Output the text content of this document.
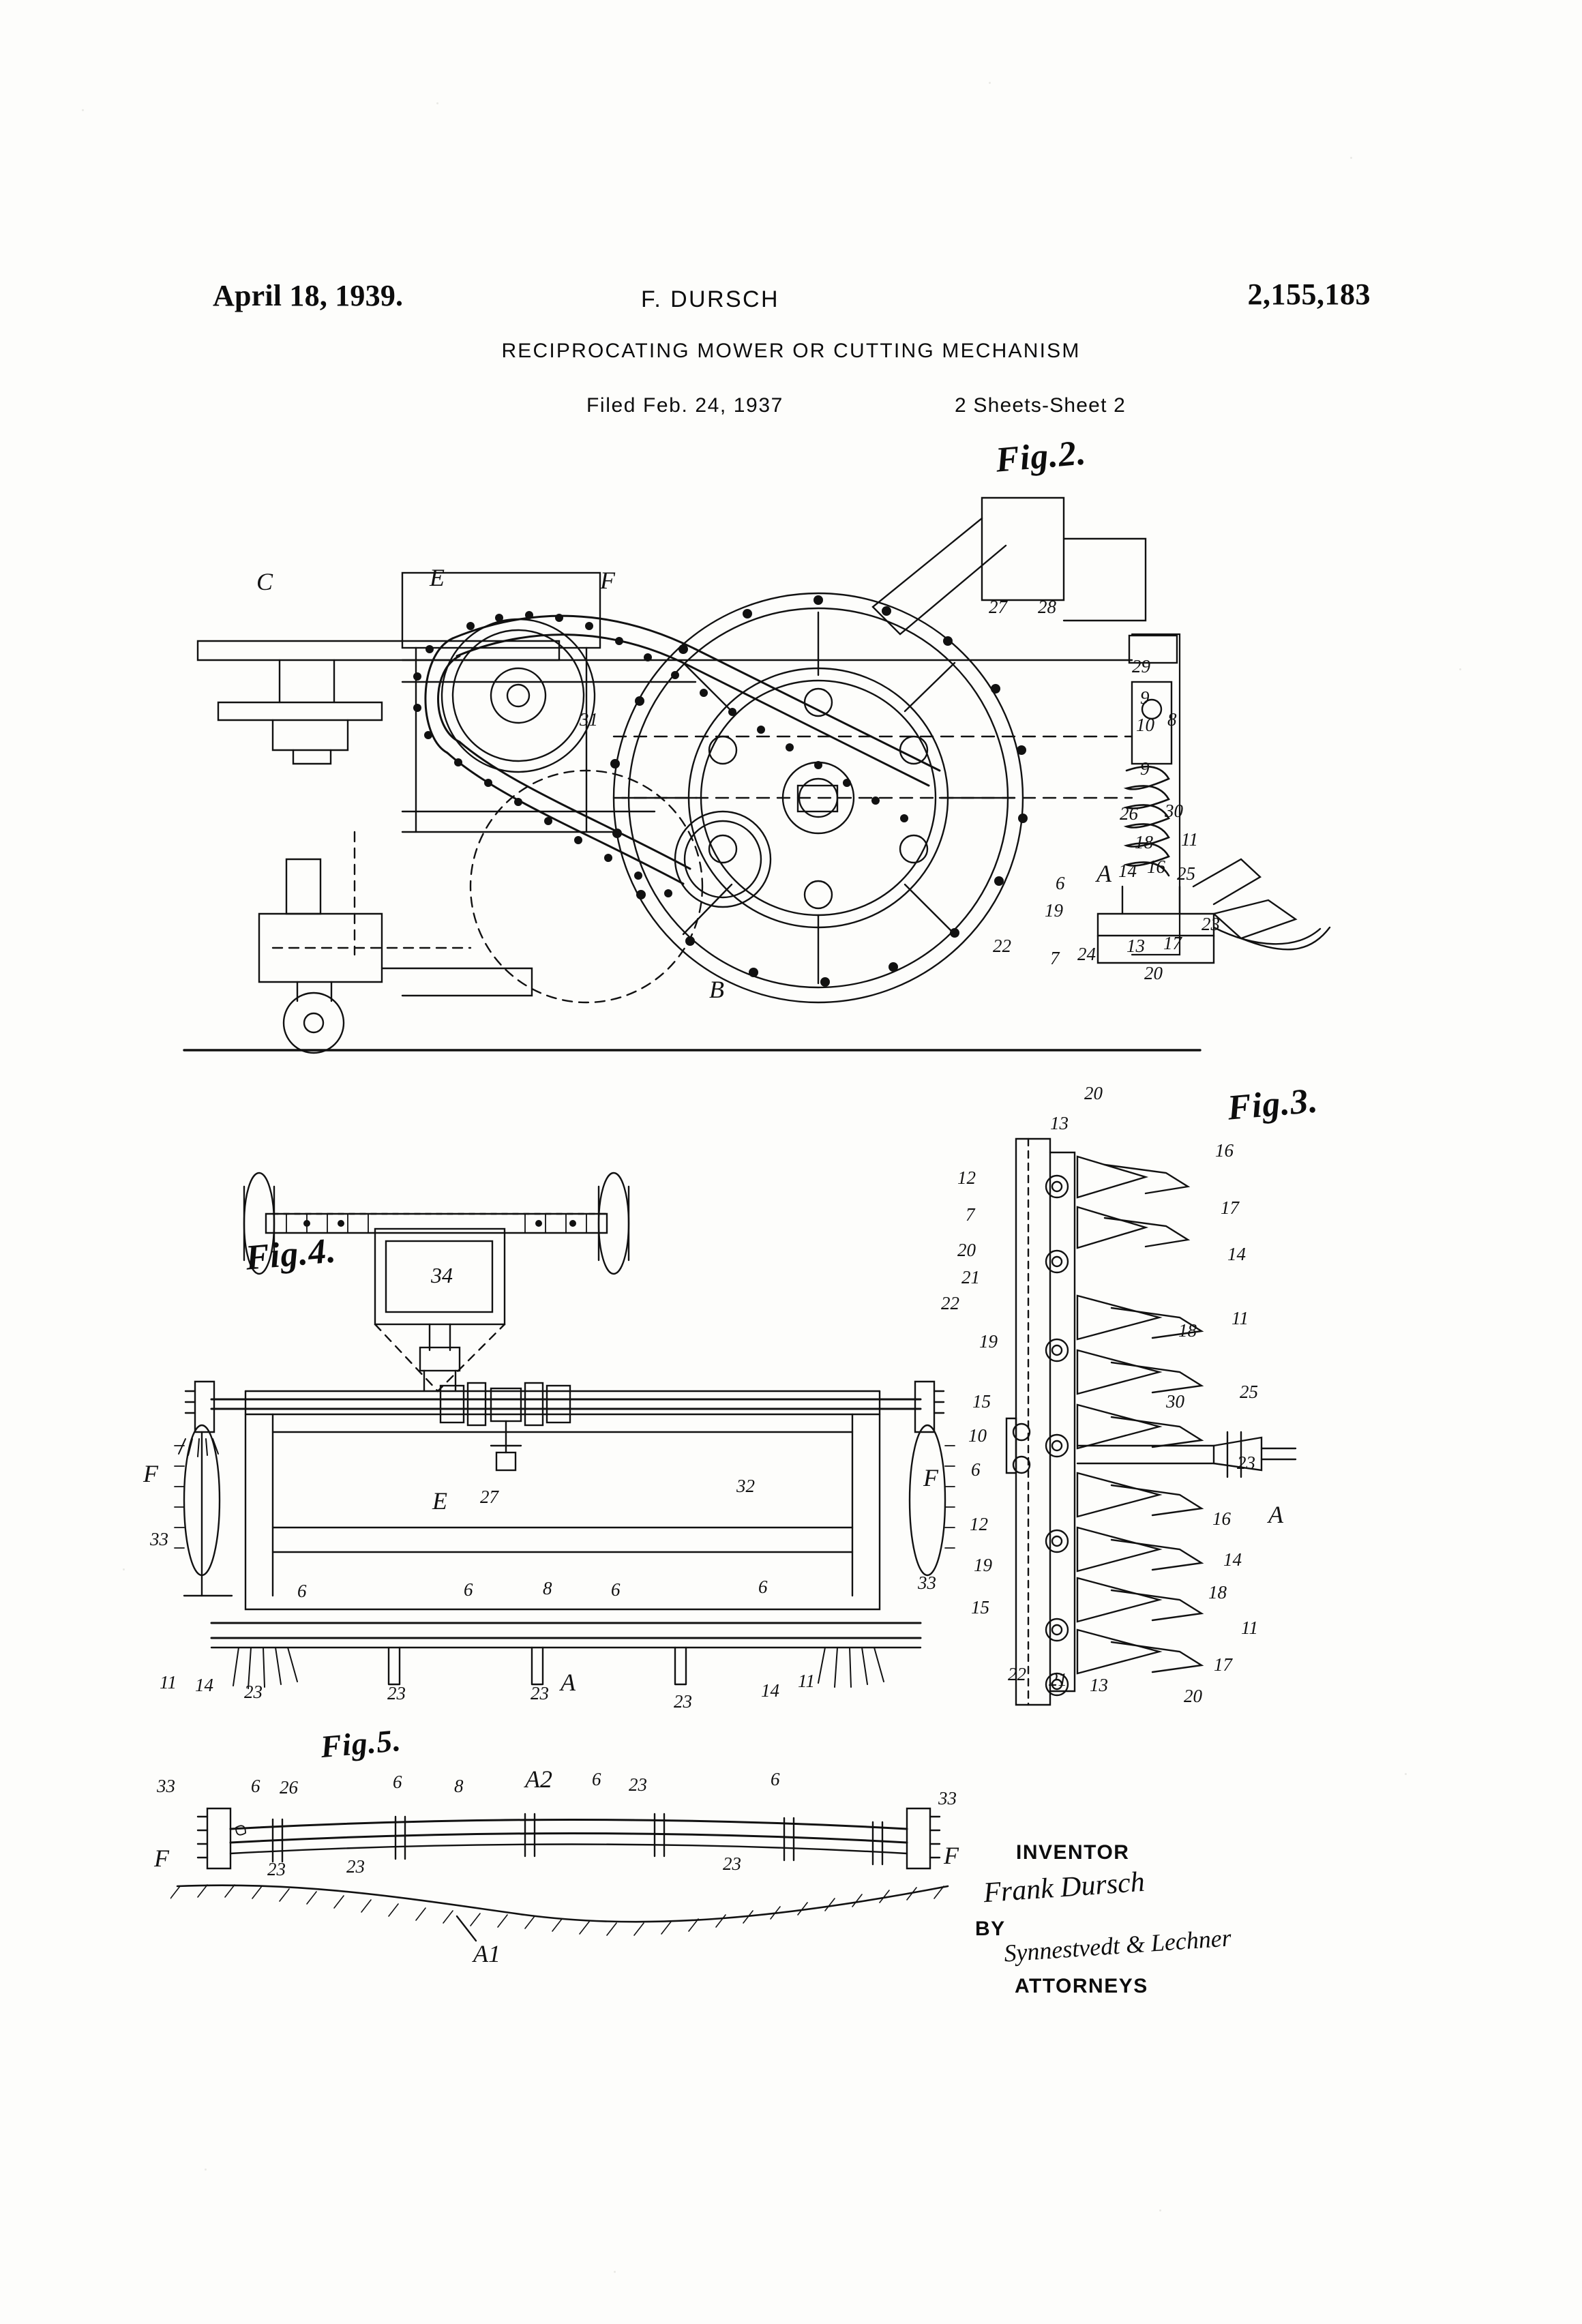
April 18, 1939.	F. DURSCH	2,155,183
RECIPROCATING MOWER OR CUTTING MECHANISM
Filed Feb. 24, 1937	2 Sheets-Sheet 2
Fig.2.
C	E	F
B
A
27 28
29
9
10 8
9
26 30
31
18 11
14 16 25
6
19
23
22
7 24 13 17
20
Fig.3.
20
13
16
12
7	17
20
21
14
22
19
18
11
15	30	25
10
6	23
12	16
19	14
15
18
11
22 21 13
17
20
A
Fig.4.	34
27
32
33
33
6	6	8	6	6
11 14 23	23	23	23
14 11
F	F
E
A
Fig.5.
33	6 26	6	8	6 23	6
33
23	23	23
F	F
A2
A1
INVENTOR
Frank Dursch
BY
Synnestvedt & Lechner
ATTORNEYS
